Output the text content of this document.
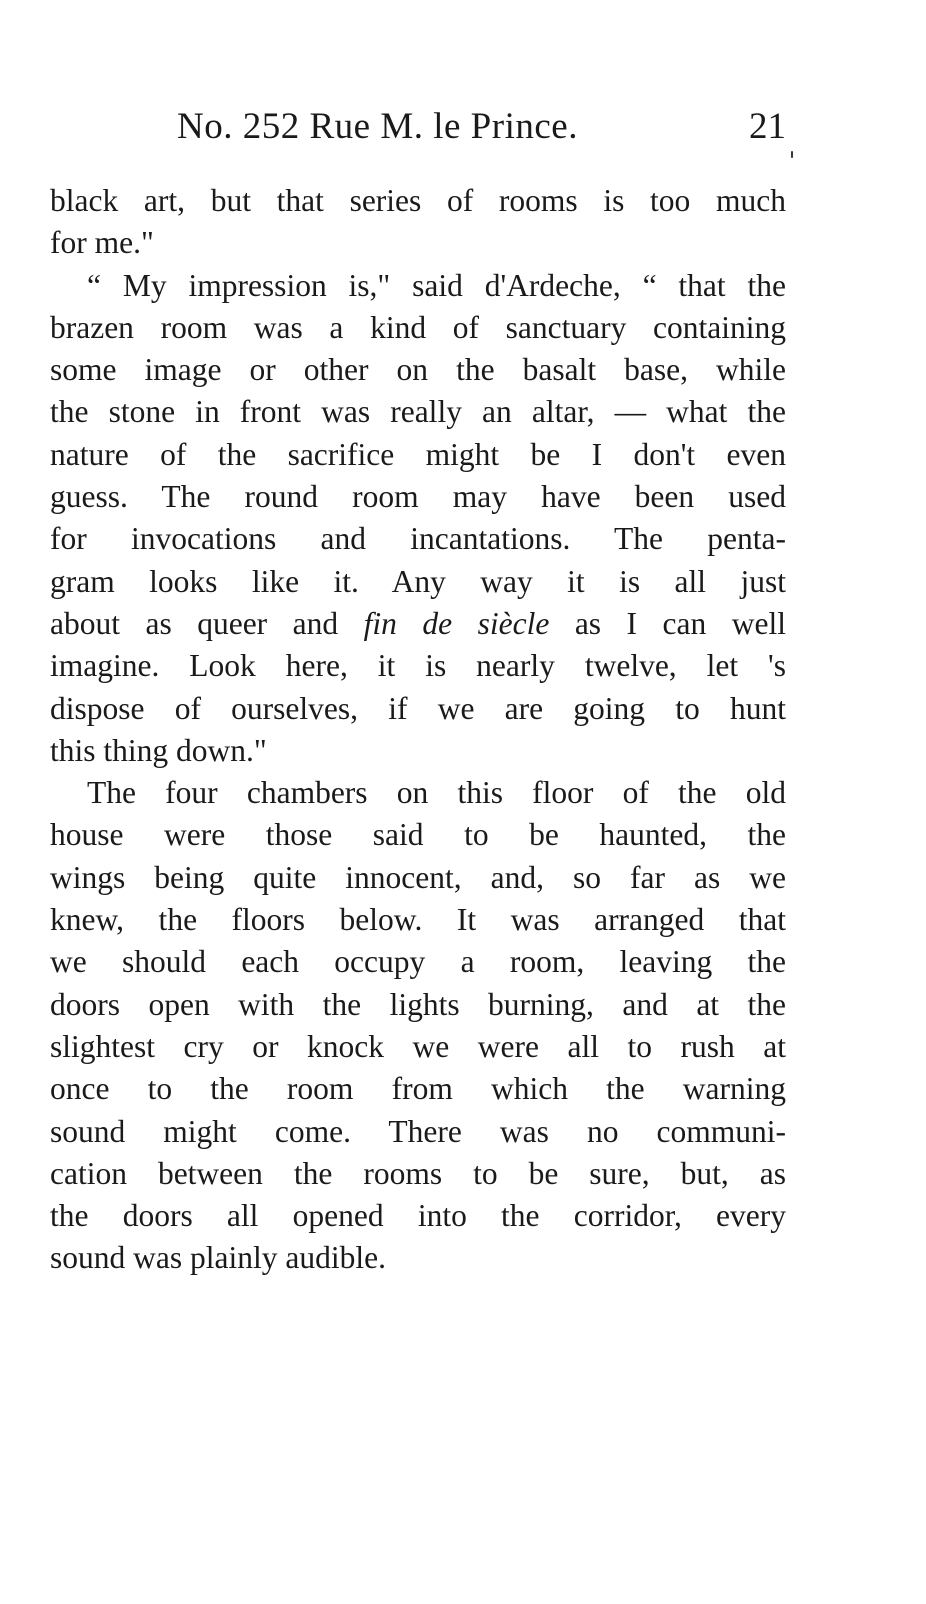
No. 252 Rue M. le Prince.	21
black art, but that series of rooms is too much
for me."
“ My impression is," said d'Ardeche, “ that the
brazen room was a kind of sanctuary containing
some image or other on the basalt base, while
the stone in front was really an altar, — what the
nature of the sacrifice might be I don't even
guess. The round room may have been used
for invocations and incantations. The penta-
gram looks like it. Any way it is all just
about as queer and fin de siècle as I can well
imagine. Look here, it is nearly twelve, let 's
dispose of ourselves, if we are going to hunt
this thing down."
The four chambers on this floor of the old
house were those said to be haunted, the
wings being quite innocent, and, so far as we
knew, the floors below. It was arranged that
we should each occupy a room, leaving the
doors open with the lights burning, and at the
slightest cry or knock we were all to rush at
once to the room from which the warning
sound might come. There was no communi-
cation between the rooms to be sure, but, as
the doors all opened into the corridor, every
sound was plainly audible.
